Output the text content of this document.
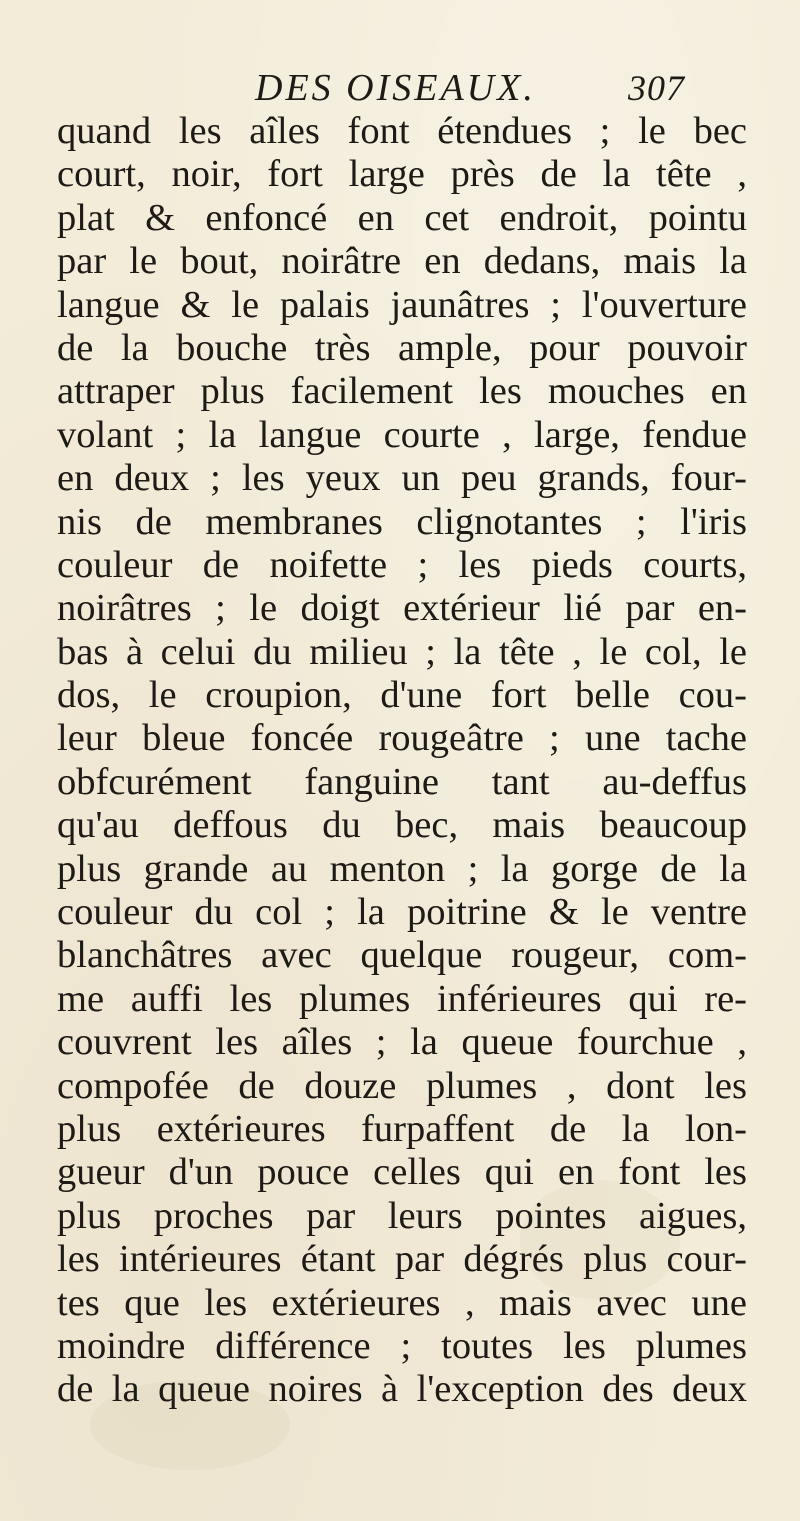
DES OISEAUX.	307
quand les aîles font étendues ; le bec
court, noir, fort large près de la tête ,
plat & enfoncé en cet endroit, pointu
par le bout, noirâtre en dedans, mais la
langue & le palais jaunâtres ; l'ouverture
de la bouche très ample, pour pouvoir
attraper plus facilement les mouches en
volant ; la langue courte , large, fendue
en deux ; les yeux un peu grands, four-
nis de membranes clignotantes ; l'iris
couleur de noifette ; les pieds courts,
noirâtres ; le doigt extérieur lié par en-
bas à celui du milieu ; la tête , le col, le
dos, le croupion, d'une fort belle cou-
leur bleue foncée rougeâtre ; une tache
obfcurément fanguine tant au-deffus
qu'au deffous du bec, mais beaucoup
plus grande au menton ; la gorge de la
couleur du col ; la poitrine & le ventre
blanchâtres avec quelque rougeur, com-
me auffi les plumes inférieures qui re-
couvrent les aîles ; la queue fourchue ,
compofée de douze plumes , dont les
plus extérieures furpaffent de la lon-
gueur d'un pouce celles qui en font les
plus proches par leurs pointes aigues,
les intérieures étant par dégrés plus cour-
tes que les extérieures , mais avec une
moindre différence ; toutes les plumes
de la queue noires à l'exception des deux
